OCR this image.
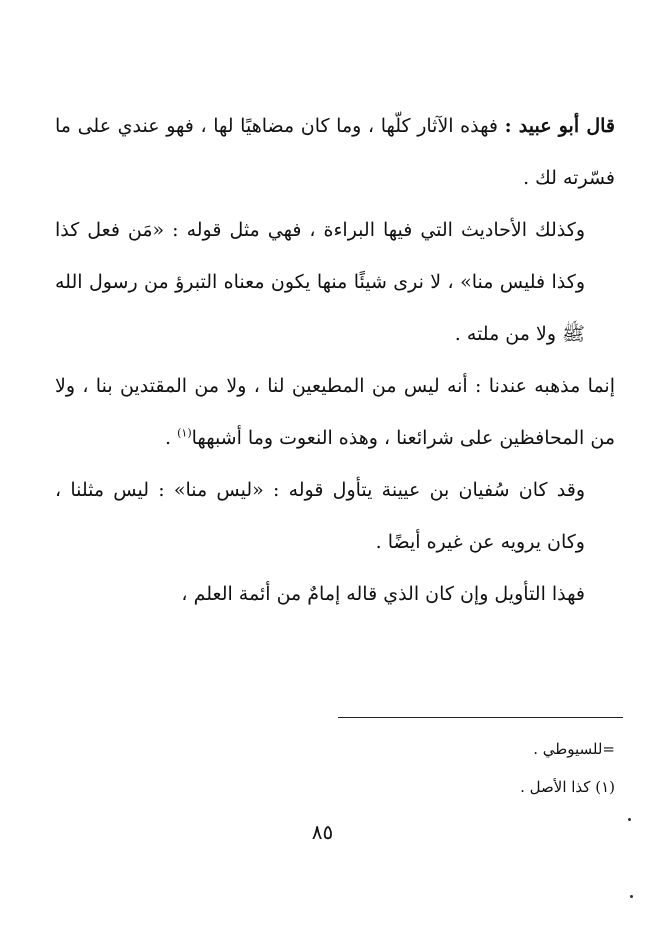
قال أبو عبيد : فهذه الآثار كلّها ، وما كان مضاهيًا لها ، فهو عندي على ما فسّرته لك .

وكذلك الأحاديث التي فيها البراءة ، فهي مثل قوله : «مَن فعل كذا وكذا فليس منا» ، لا نرى شيئًا منها يكون معناه التبرؤ من رسول الله ﷺ ولا من ملته .

إنما مذهبه عندنا : أنه ليس من المطيعين لنا ، ولا من المقتدين بنا ، ولا من المحافظين على شرائعنا ، وهذه النعوت وما أشبهها$^{(١)}$ .

وقد كان سُفيان بن عيينة يتأول قوله : «ليس منا» : ليس مثلنا ، وكان يرويه عن غيره أيضًا .

فهذا التأويل وإن كان الذي قاله إمامٌ من أئمة العلم ،

=للسيوطي .

(١) كذا الأصل .

٨٥
